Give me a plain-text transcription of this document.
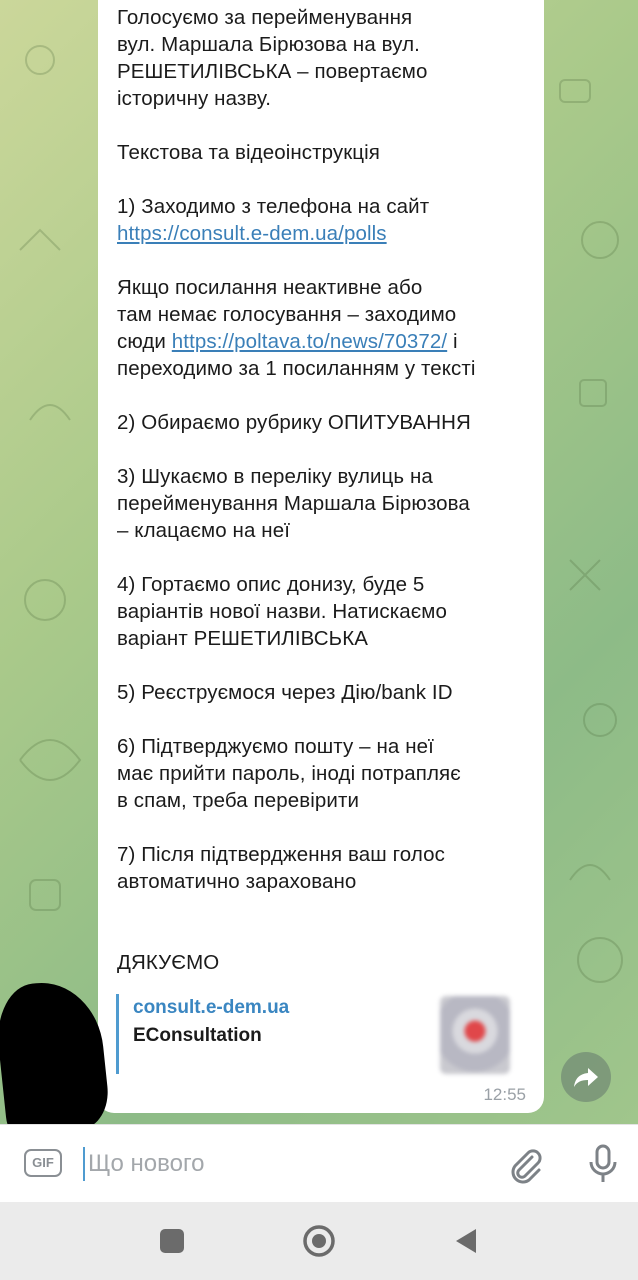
Голосуємо за перейменування
вул. Маршала Бірюзова на вул.
РЕШЕТИЛІВСЬКА – повертаємо
історичну назву.
Текстова та відеоінструкція
1) Заходимо з телефона на сайт
https://consult.e-dem.ua/polls
Якщо посилання неактивне або
там немає голосування – заходимо
сюди https://poltava.to/news/70372/ і
переходимо за 1 посиланням у тексті
2) Обираємо рубрику ОПИТУВАННЯ
3) Шукаємо в переліку вулиць на
перейменування Маршала Бірюзова
– клацаємо на неї
4) Гортаємо опис донизу, буде 5
варіантів нової назви. Натискаємо
варіант РЕШЕТИЛІВСЬКА
5) Реєструємося через Дію/bank ID
6) Підтверджуємо пошту – на неї
має прийти пароль, іноді потрапляє
в спам, треба перевірити
7) Після підтвердження ваш голос
автоматично зараховано
ДЯКУЄМО
consult.e-dem.ua
EConsultation
12:55
GIF
Що нового
